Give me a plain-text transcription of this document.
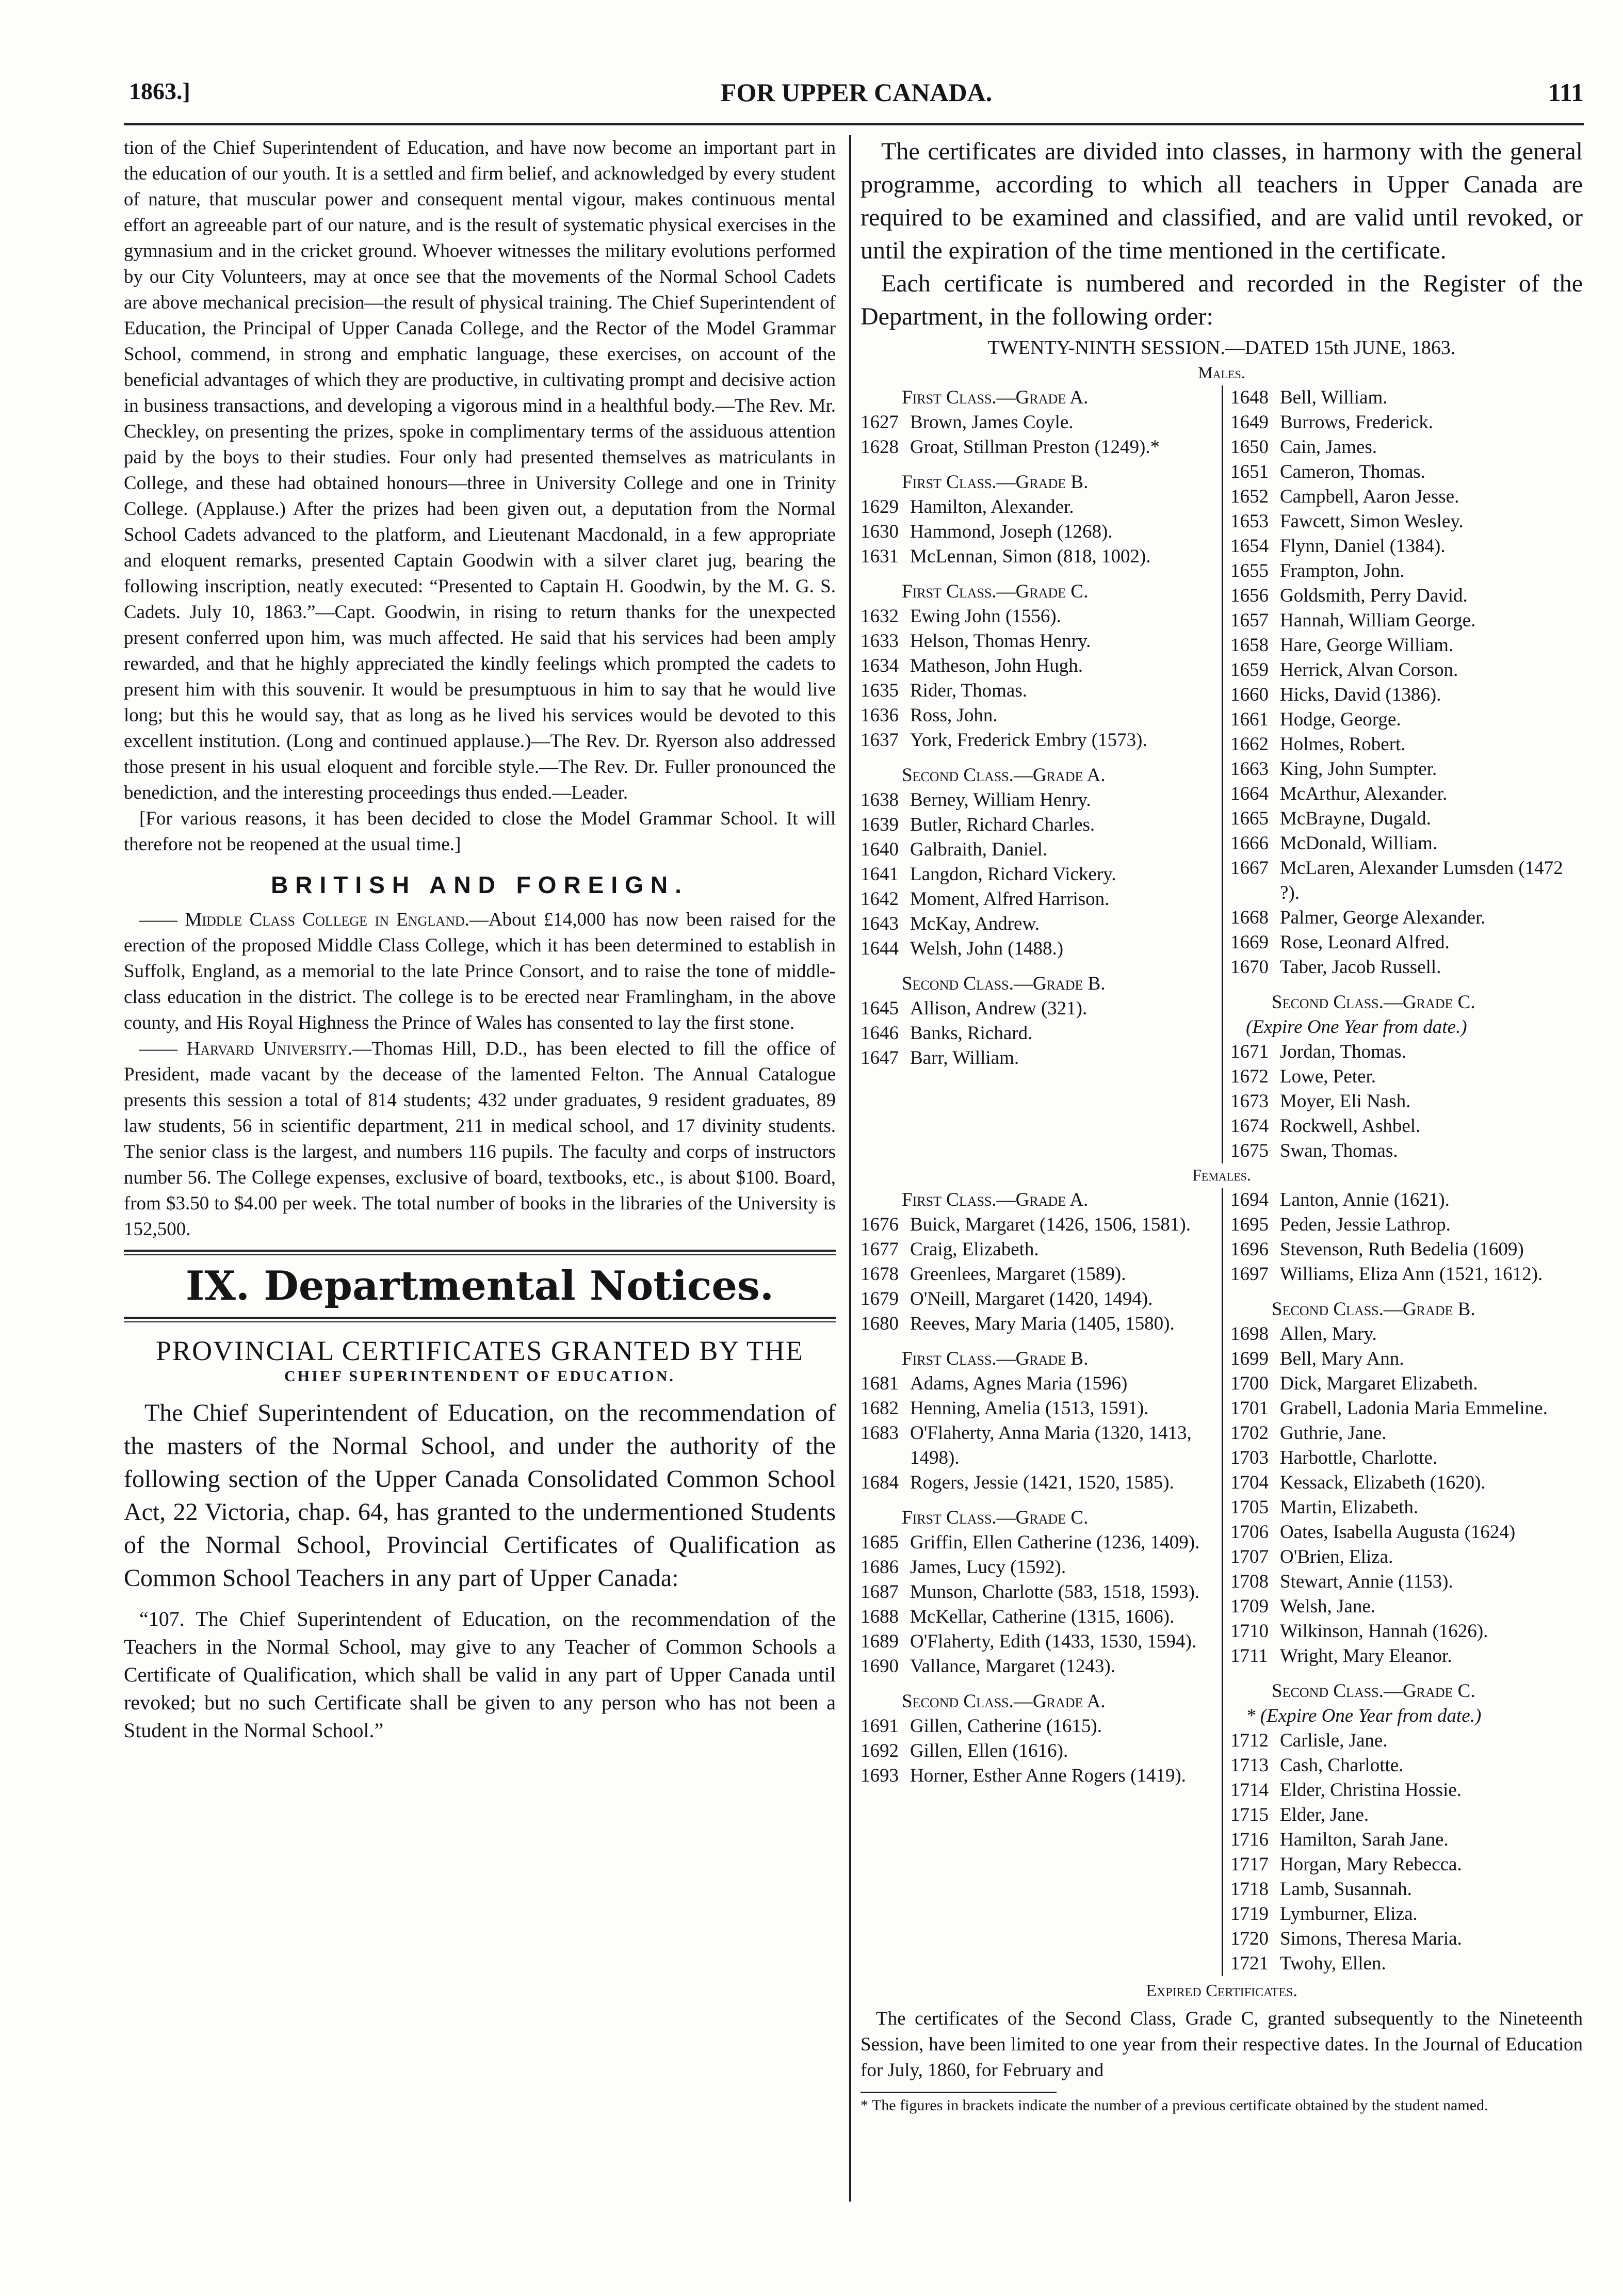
1863.]	FOR UPPER CANADA.	111

tion of the Chief Superintendent of Education, and have now become an important part in the education of our youth. It is a settled and firm belief, and acknowledged by every student of nature, that muscular power and consequent mental vigour, makes continuous mental effort an agreeable part of our nature, and is the result of systematic physical exercises in the gymnasium and in the cricket ground. Whoever witnesses the military evolutions performed by our City Volunteers, may at once see that the movements of the Normal School Cadets are above mechanical precision—the result of physical training. The Chief Superintendent of Education, the Principal of Upper Canada College, and the Rector of the Model Grammar School, commend, in strong and emphatic language, these exercises, on account of the beneficial advantages of which they are productive, in cultivating prompt and decisive action in business transactions, and developing a vigorous mind in a healthful body.—The Rev. Mr. Checkley, on presenting the prizes, spoke in complimentary terms of the assiduous attention paid by the boys to their studies. Four only had presented themselves as matriculants in College, and these had obtained honours—three in University College and one in Trinity College. (Applause.) After the prizes had been given out, a deputation from the Normal School Cadets advanced to the platform, and Lieutenant Macdonald, in a few appropriate and eloquent remarks, presented Captain Goodwin with a silver claret jug, bearing the following inscription, neatly executed: “Presented to Captain H. Goodwin, by the M. G. S. Cadets. July 10, 1863.”—Capt. Goodwin, in rising to return thanks for the unexpected present conferred upon him, was much affected. He said that his services had been amply rewarded, and that he highly appreciated the kindly feelings which prompted the cadets to present him with this souvenir. It would be presumptuous in him to say that he would live long; but this he would say, that as long as he lived his services would be devoted to this excellent institution. (Long and continued applause.)—The Rev. Dr. Ryerson also addressed those present in his usual eloquent and forcible style.—The Rev. Dr. Fuller pronounced the benediction, and the interesting proceedings thus ended.—Leader.

[For various reasons, it has been decided to close the Model Grammar School. It will therefore not be reopened at the usual time.]

BRITISH AND FOREIGN.

—— Middle Class College in England.—About £14,000 has now been raised for the erection of the proposed Middle Class College, which it has been determined to establish in Suffolk, England, as a memorial to the late Prince Consort, and to raise the tone of middle-class education in the district. The college is to be erected near Framlingham, in the above county, and His Royal Highness the Prince of Wales has consented to lay the first stone.

—— Harvard University.—Thomas Hill, D.D., has been elected to fill the office of President, made vacant by the decease of the lamented Felton. The Annual Catalogue presents this session a total of 814 students; 432 under graduates, 9 resident graduates, 89 law students, 56 in scientific department, 211 in medical school, and 17 divinity students. The senior class is the largest, and numbers 116 pupils. The faculty and corps of instructors number 56. The College expenses, exclusive of board, textbooks, etc., is about $100. Board, from $3.50 to $4.00 per week. The total number of books in the libraries of the University is 152,500.

IX. Departmental Notices.
PROVINCIAL CERTIFICATES GRANTED BY THE
CHIEF SUPERINTENDENT OF EDUCATION.

The Chief Superintendent of Education, on the recommendation of the masters of the Normal School, and under the authority of the following section of the Upper Canada Consolidated Common School Act, 22 Victoria, chap. 64, has granted to the undermentioned Students of the Normal School, Provincial Certificates of Qualification as Common School Teachers in any part of Upper Canada:

“107. The Chief Superintendent of Education, on the recommendation of the Teachers in the Normal School, may give to any Teacher of Common Schools a Certificate of Qualification, which shall be valid in any part of Upper Canada until revoked; but no such Certificate shall be given to any person who has not been a Student in the Normal School.”

The certificates are divided into classes, in harmony with the general programme, according to which all teachers in Upper Canada are required to be examined and classified, and are valid until revoked, or until the expiration of the time mentioned in the certificate.

Each certificate is numbered and recorded in the Register of the Department, in the following order:

TWENTY-NINTH SESSION.—DATED 15th JUNE, 1863.
Males.
First Class.—Grade A.
1627 Brown, James Coyle.
1628 Groat, Stillman Preston (1249).*
First Class.—Grade B.
1629 Hamilton, Alexander.
1630 Hammond, Joseph (1268).
1631 McLennan, Simon (818, 1002).
First Class.—Grade C.
1632 Ewing John (1556).
1633 Helson, Thomas Henry.
1634 Matheson, John Hugh.
1635 Rider, Thomas.
1636 Ross, John.
1637 York, Frederick Embry (1573).
Second Class.—Grade A.
1638 Berney, William Henry.
1639 Butler, Richard Charles.
1640 Galbraith, Daniel.
1641 Langdon, Richard Vickery.
1642 Moment, Alfred Harrison.
1643 McKay, Andrew.
1644 Welsh, John (1488.)
Second Class.—Grade B.
1645 Allison, Andrew (321).
1646 Banks, Richard.
1647 Barr, William.
1648 Bell, William.
1649 Burrows, Frederick.
1650 Cain, James.
1651 Cameron, Thomas.
1652 Campbell, Aaron Jesse.
1653 Fawcett, Simon Wesley.
1654 Flynn, Daniel (1384).
1655 Frampton, John.
1656 Goldsmith, Perry David.
1657 Hannah, William George.
1658 Hare, George William.
1659 Herrick, Alvan Corson.
1660 Hicks, David (1386).
1661 Hodge, George.
1662 Holmes, Robert.
1663 King, John Sumpter.
1664 McArthur, Alexander.
1665 McBrayne, Dugald.
1666 McDonald, William.
1667 McLaren, Alexander Lumsden (1472 ?).
1668 Palmer, George Alexander.
1669 Rose, Leonard Alfred.
1670 Taber, Jacob Russell.
Second Class.—Grade C.
(Expire One Year from date.)
1671 Jordan, Thomas.
1672 Lowe, Peter.
1673 Moyer, Eli Nash.
1674 Rockwell, Ashbel.
1675 Swan, Thomas.
Females.
First Class.—Grade A.
1676 Buick, Margaret (1426, 1506, 1581).
1677 Craig, Elizabeth.
1678 Greenlees, Margaret (1589).
1679 O'Neill, Margaret (1420, 1494).
1680 Reeves, Mary Maria (1405, 1580).
First Class.—Grade B.
1681 Adams, Agnes Maria (1596)
1682 Henning, Amelia (1513, 1591).
1683 O'Flaherty, Anna Maria (1320, 1413, 1498).
1684 Rogers, Jessie (1421, 1520, 1585).
First Class.—Grade C.
1685 Griffin, Ellen Catherine (1236, 1409).
1686 James, Lucy (1592).
1687 Munson, Charlotte (583, 1518, 1593).
1688 McKellar, Catherine (1315, 1606).
1689 O'Flaherty, Edith (1433, 1530, 1594).
1690 Vallance, Margaret (1243).
Second Class.—Grade A.
1691 Gillen, Catherine (1615).
1692 Gillen, Ellen (1616).
1693 Horner, Esther Anne Rogers (1419).
1694 Lanton, Annie (1621).
1695 Peden, Jessie Lathrop.
1696 Stevenson, Ruth Bedelia (1609)
1697 Williams, Eliza Ann (1521, 1612).
Second Class.—Grade B.
1698 Allen, Mary.
1699 Bell, Mary Ann.
1700 Dick, Margaret Elizabeth.
1701 Grabell, Ladonia Maria Emmeline.
1702 Guthrie, Jane.
1703 Harbottle, Charlotte.
1704 Kessack, Elizabeth (1620).
1705 Martin, Elizabeth.
1706 Oates, Isabella Augusta (1624)
1707 O'Brien, Eliza.
1708 Stewart, Annie (1153).
1709 Welsh, Jane.
1710 Wilkinson, Hannah (1626).
1711 Wright, Mary Eleanor.
Second Class.—Grade C.
* (Expire One Year from date.)
1712 Carlisle, Jane.
1713 Cash, Charlotte.
1714 Elder, Christina Hossie.
1715 Elder, Jane.
1716 Hamilton, Sarah Jane.
1717 Horgan, Mary Rebecca.
1718 Lamb, Susannah.
1719 Lymburner, Eliza.
1720 Simons, Theresa Maria.
1721 Twohy, Ellen.
Expired Certificates.

The certificates of the Second Class, Grade C, granted subsequently to the Nineteenth Session, have been limited to one year from their respective dates. In the Journal of Education for July, 1860, for February and

* The figures in brackets indicate the number of a previous certificate obtained by the student named.
